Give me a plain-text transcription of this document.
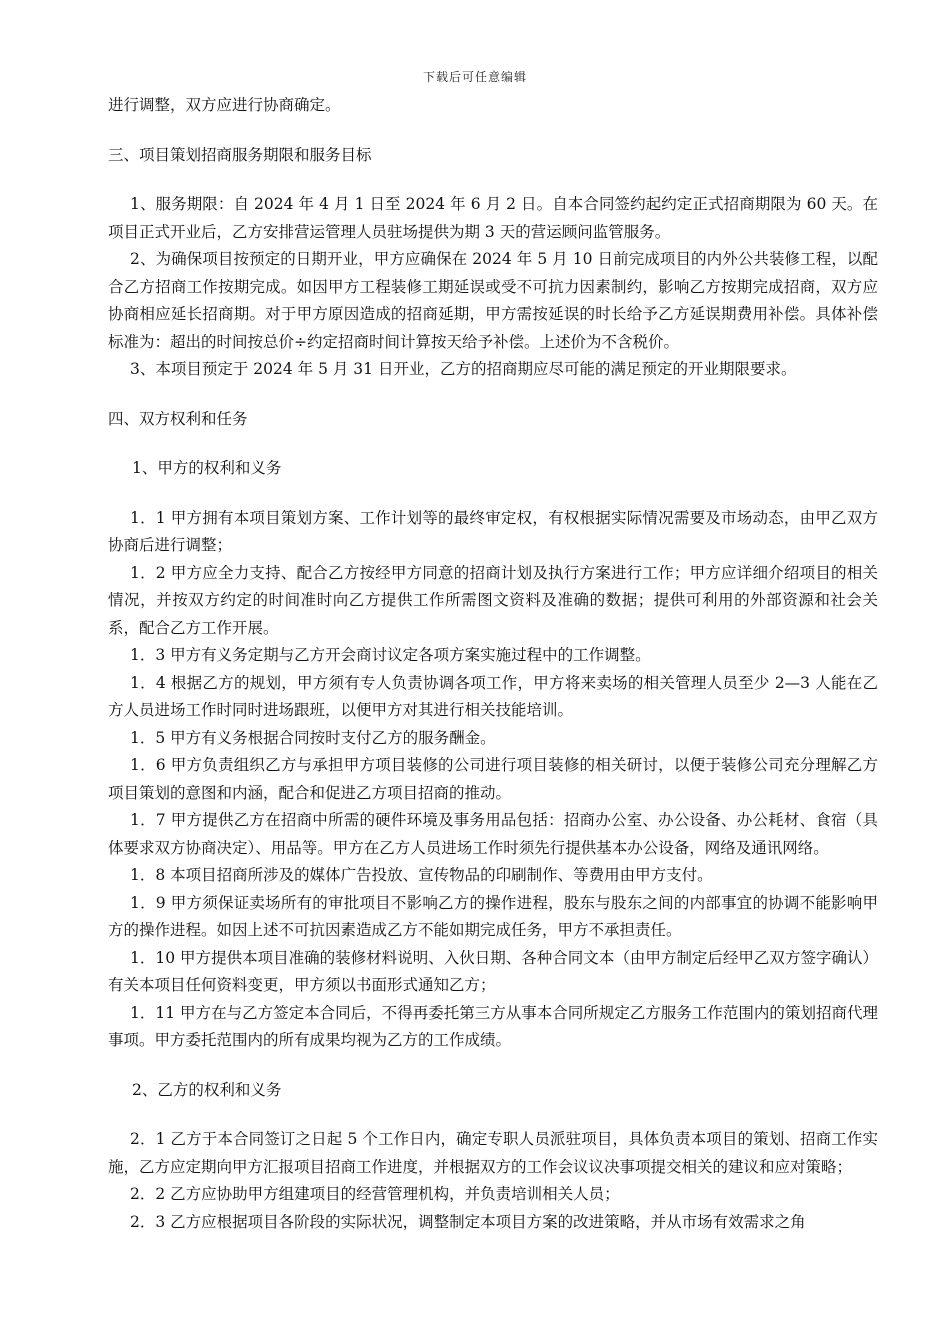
下载后可任意编辑

进行调整，双方应进行协商确定。

三、项目策划招商服务期限和服务目标

1、服务期限：自 2024 年 4 月 1 日至 2024 年 6 月 2 日。自本合同签约起约定正式招商期限为 60 天。在项目正式开业后，乙方安排营运管理人员驻场提供为期 3 天的营运顾问监管服务。

2、为确保项目按预定的日期开业，甲方应确保在 2024 年 5 月 10 日前完成项目的内外公共装修工程，以配合乙方招商工作按期完成。如因甲方工程装修工期延误或受不可抗力因素制约，影响乙方按期完成招商，双方应协商相应延长招商期。对于甲方原因造成的招商延期，甲方需按延误的时长给予乙方延误期费用补偿。具体补偿标准为：超出的时间按总价÷约定招商时间计算按天给予补偿。上述价为不含税价。

3、本项目预定于 2024 年 5 月 31 日开业，乙方的招商期应尽可能的满足预定的开业期限要求。

四、双方权利和任务

1、甲方的权利和义务

1．1 甲方拥有本项目策划方案、工作计划等的最终审定权，有权根据实际情况需要及市场动态，由甲乙双方协商后进行调整；

1．2 甲方应全力支持、配合乙方按经甲方同意的招商计划及执行方案进行工作；甲方应详细介绍项目的相关情况，并按双方约定的时间准时向乙方提供工作所需图文资料及准确的数据；提供可利用的外部资源和社会关系，配合乙方工作开展。

1．3 甲方有义务定期与乙方开会商讨议定各项方案实施过程中的工作调整。

1．4 根据乙方的规划，甲方须有专人负责协调各项工作，甲方将来卖场的相关管理人员至少 2—3 人能在乙方人员进场工作时同时进场跟班，以便甲方对其进行相关技能培训。

1．5 甲方有义务根据合同按时支付乙方的服务酬金。

1．6 甲方负责组织乙方与承担甲方项目装修的公司进行项目装修的相关研讨，以便于装修公司充分理解乙方项目策划的意图和内涵，配合和促进乙方项目招商的推动。

1．7 甲方提供乙方在招商中所需的硬件环境及事务用品包括：招商办公室、办公设备、办公耗材、食宿（具体要求双方协商决定）、用品等。甲方在乙方人员进场工作时须先行提供基本办公设备，网络及通讯网络。

1．8 本项目招商所涉及的媒体广告投放、宣传物品的印刷制作、等费用由甲方支付。

1．9 甲方须保证卖场所有的审批项目不影响乙方的操作进程，股东与股东之间的内部事宜的协调不能影响甲方的操作进程。如因上述不可抗因素造成乙方不能如期完成任务，甲方不承担责任。

1．10 甲方提供本项目准确的装修材料说明、入伙日期、各种合同文本（由甲方制定后经甲乙双方签字确认）有关本项目任何资料变更，甲方须以书面形式通知乙方；

1．11 甲方在与乙方签定本合同后，不得再委托第三方从事本合同所规定乙方服务工作范围内的策划招商代理事项。甲方委托范围内的所有成果均视为乙方的工作成绩。

2、乙方的权利和义务

2．1 乙方于本合同签订之日起 5 个工作日内，确定专职人员派驻项目，具体负责本项目的策划、招商工作实施，乙方应定期向甲方汇报项目招商工作进度，并根据双方的工作会议议决事项提交相关的建议和应对策略；

2．2 乙方应协助甲方组建项目的经营管理机构，并负责培训相关人员；

2．3 乙方应根据项目各阶段的实际状况，调整制定本项目方案的改进策略，并从市场有效需求之角
